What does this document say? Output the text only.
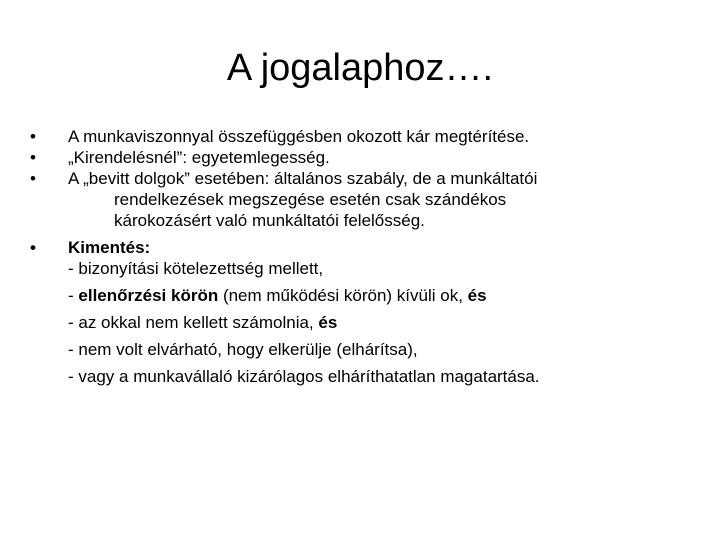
A jogalaphoz….
• A munkaviszonnyal összefüggésben okozott kár megtérítése.
• „Kirendelésnél”: egyetemlegesség.
• A „bevitt dolgok” esetében: általános szabály, de a munkáltatói
rendelkezések megszegése esetén csak szándékos
károkozásért való munkáltatói felelősség.
• Kimentés:
- bizonyítási kötelezettség mellett,
- ellenőrzési körön (nem működési körön) kívüli ok, és
- az okkal nem kellett számolnia, és
- nem volt elvárható, hogy elkerülje (elhárítsa),
- vagy a munkavállaló kizárólagos elháríthatatlan magatartása.
